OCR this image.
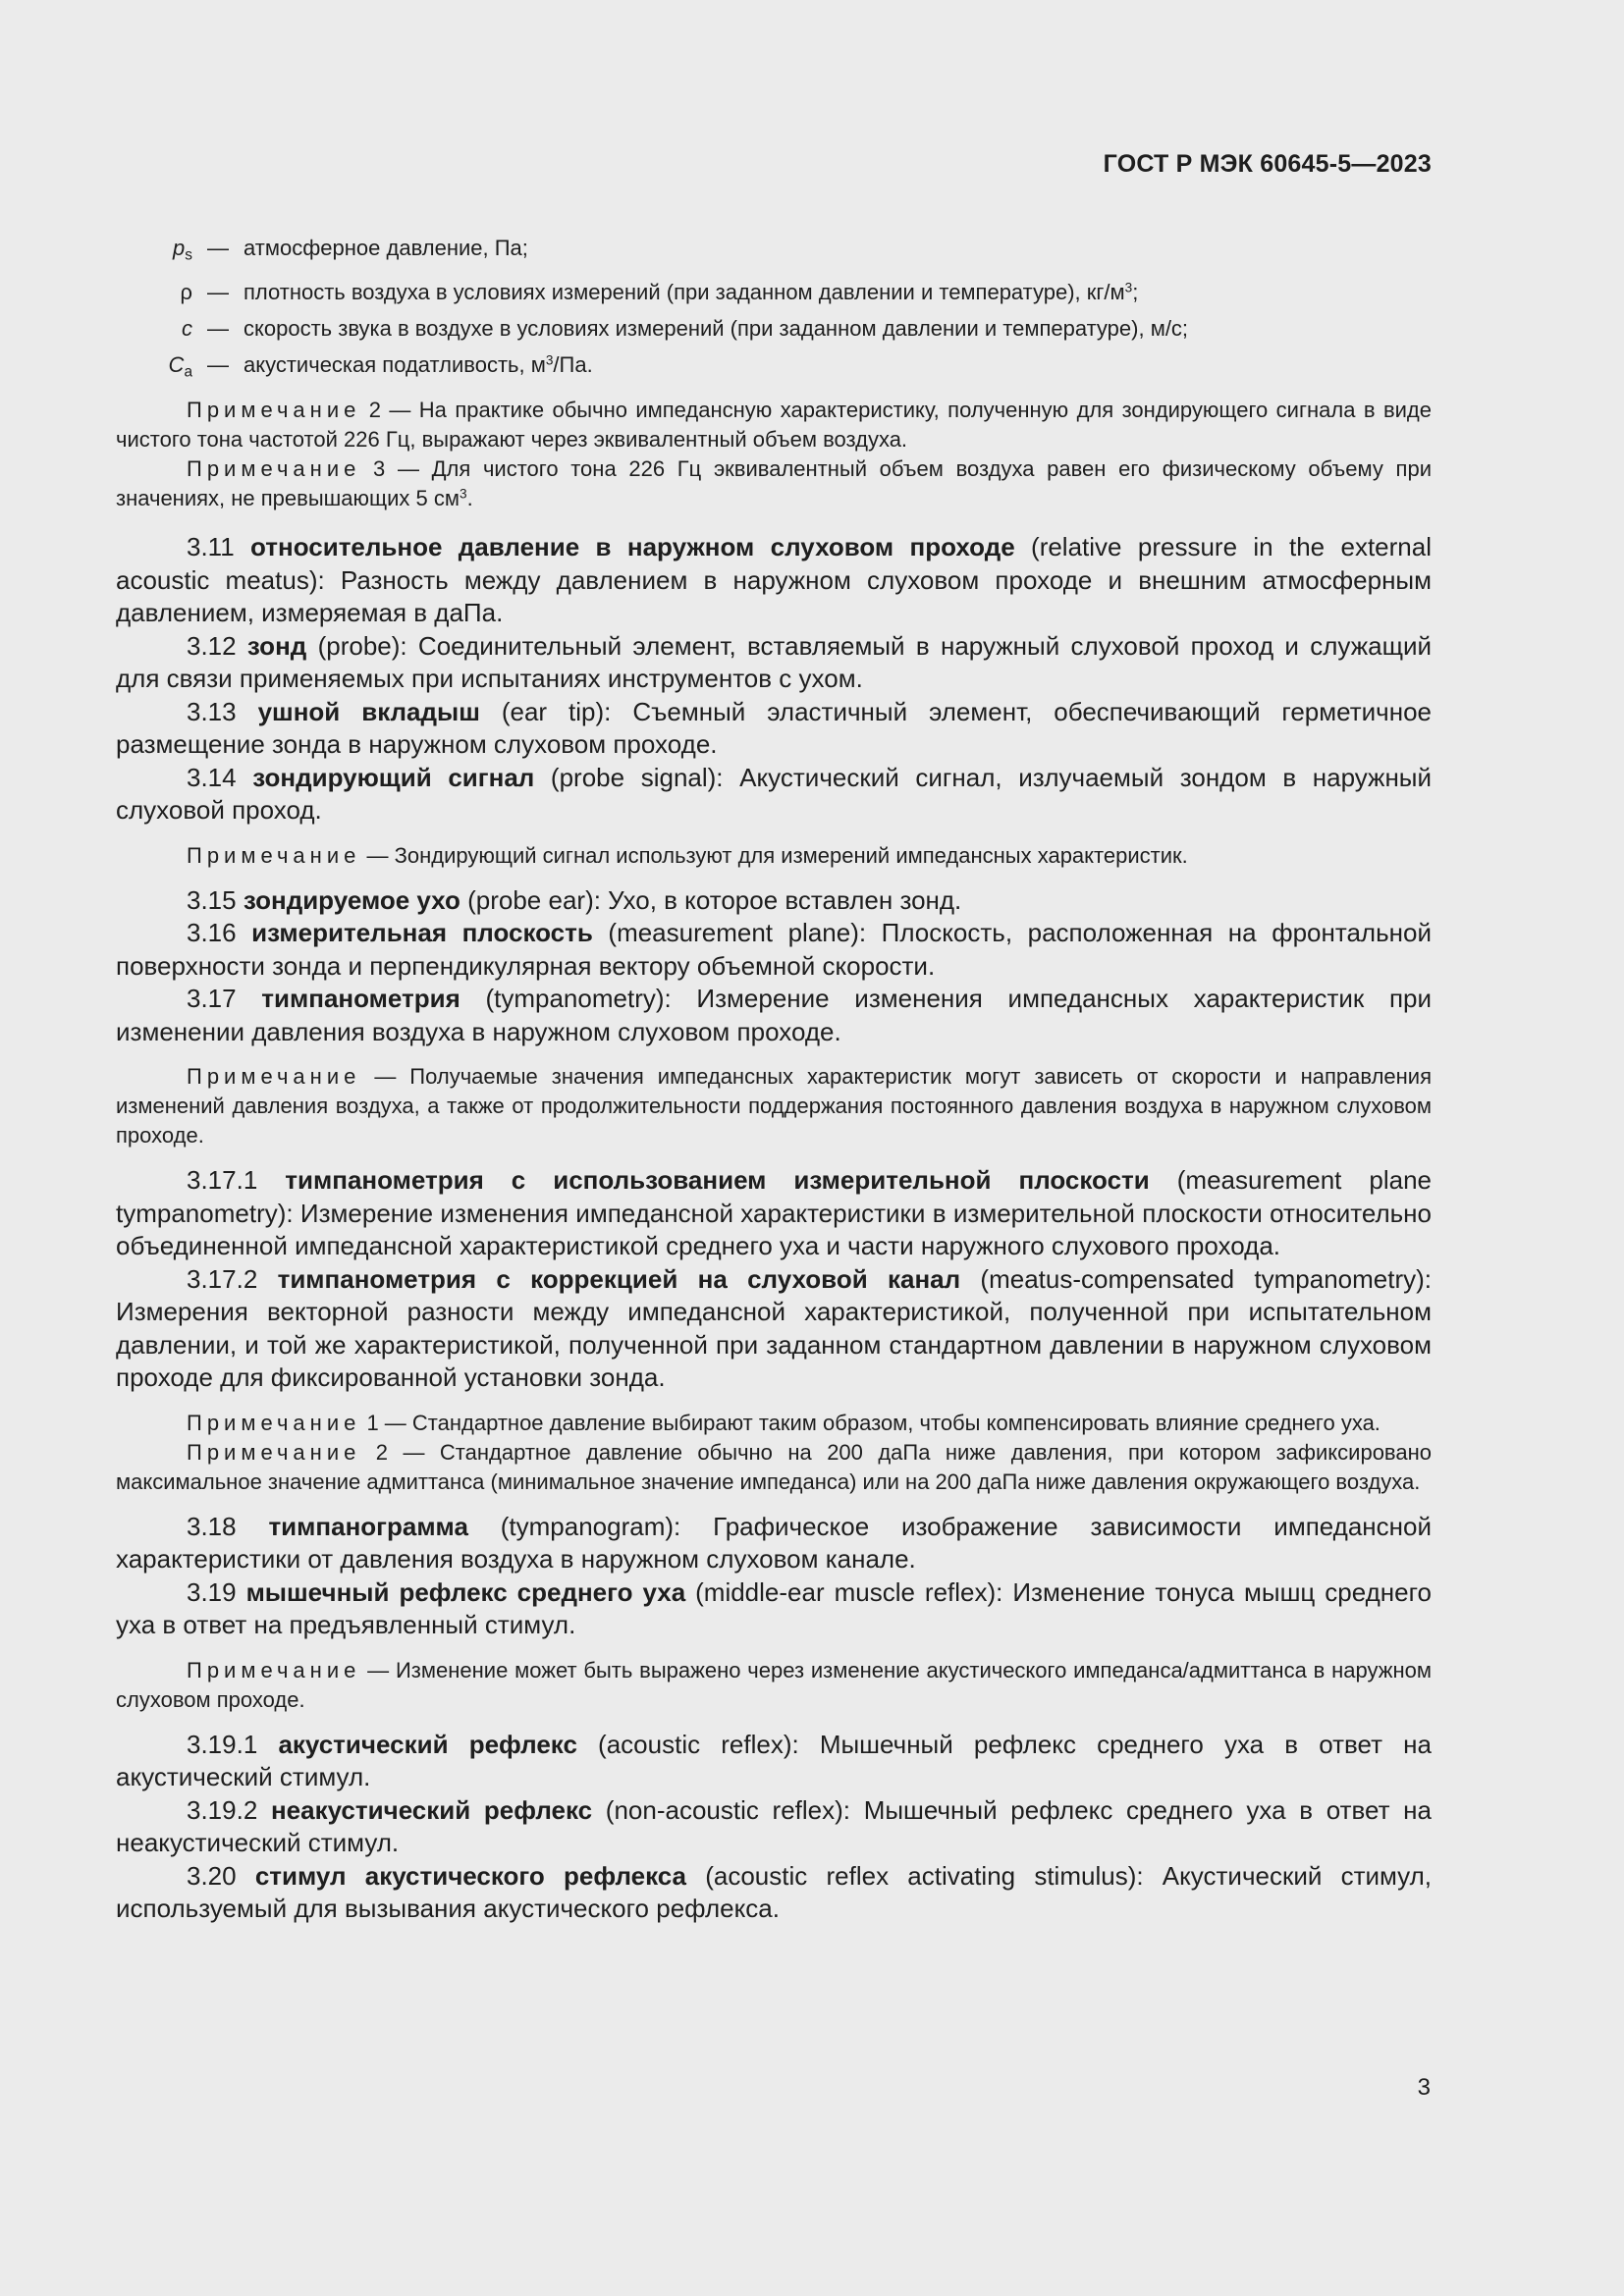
ГОСТ Р МЭК 60645-5—2023
$p_s$ — атмосферное давление, Па;
ρ — плотность воздуха в условиях измерений (при заданном давлении и температуре), $кг/м^3$;
c — скорость звука в воздухе в условиях измерений (при заданном давлении и температуре), м/с;
$C_a$ — акустическая податливость, $м^3/Па$.

Примечание 2 — На практике обычно импедансную характеристику, полученную для зондирующего сигнала в виде чистого тона частотой 226 Гц, выражают через эквивалентный объем воздуха.

Примечание 3 — Для чистого тона 226 Гц эквивалентный объем воздуха равен его физическому объему при значениях, не превышающих 5 $см^3$.

3.11 относительное давление в наружном слуховом проходе (relative pressure in the external acoustic meatus): Разность между давлением в наружном слуховом проходе и внешним атмосферным давлением, измеряемая в даПа.

3.12 зонд (probe): Соединительный элемент, вставляемый в наружный слуховой проход и служащий для связи применяемых при испытаниях инструментов с ухом.

3.13 ушной вкладыш (ear tip): Съемный эластичный элемент, обеспечивающий герметичное размещение зонда в наружном слуховом проходе.

3.14 зондирующий сигнал (probe signal): Акустический сигнал, излучаемый зондом в наружный слуховой проход.

Примечание — Зондирующий сигнал используют для измерений импедансных характеристик.

3.15 зондируемое ухо (probe ear): Ухо, в которое вставлен зонд.

3.16 измерительная плоскость (measurement plane): Плоскость, расположенная на фронтальной поверхности зонда и перпендикулярная вектору объемной скорости.

3.17 тимпанометрия (tympanometry): Измерение изменения импедансных характеристик при изменении давления воздуха в наружном слуховом проходе.

Примечание — Получаемые значения импедансных характеристик могут зависеть от скорости и направления изменений давления воздуха, а также от продолжительности поддержания постоянного давления воздуха в наружном слуховом проходе.

3.17.1 тимпанометрия с использованием измерительной плоскости (measurement plane tympanometry): Измерение изменения импедансной характеристики в измерительной плоскости относительно объединенной импедансной характеристикой среднего уха и части наружного слухового прохода.

3.17.2 тимпанометрия с коррекцией на слуховой канал (meatus-compensated tympanometry): Измерения векторной разности между импедансной характеристикой, полученной при испытательном давлении, и той же характеристикой, полученной при заданном стандартном давлении в наружном слуховом проходе для фиксированной установки зонда.

Примечание 1 — Стандартное давление выбирают таким образом, чтобы компенсировать влияние среднего уха.

Примечание 2 — Стандартное давление обычно на 200 даПа ниже давления, при котором зафиксировано максимальное значение адмиттанса (минимальное значение импеданса) или на 200 даПа ниже давления окружающего воздуха.

3.18 тимпанограмма (tympanogram): Графическое изображение зависимости импедансной характеристики от давления воздуха в наружном слуховом канале.

3.19 мышечный рефлекс среднего уха (middle-ear muscle reflex): Изменение тонуса мышц среднего уха в ответ на предъявленный стимул.

Примечание — Изменение может быть выражено через изменение акустического импеданса/адмиттанса в наружном слуховом проходе.

3.19.1 акустический рефлекс (acoustic reflex): Мышечный рефлекс среднего уха в ответ на акустический стимул.

3.19.2 неакустический рефлекс (non-acoustic reflex): Мышечный рефлекс среднего уха в ответ на неакустический стимул.

3.20 стимул акустического рефлекса (acoustic reflex activating stimulus): Акустический стимул, используемый для вызывания акустического рефлекса.

3
